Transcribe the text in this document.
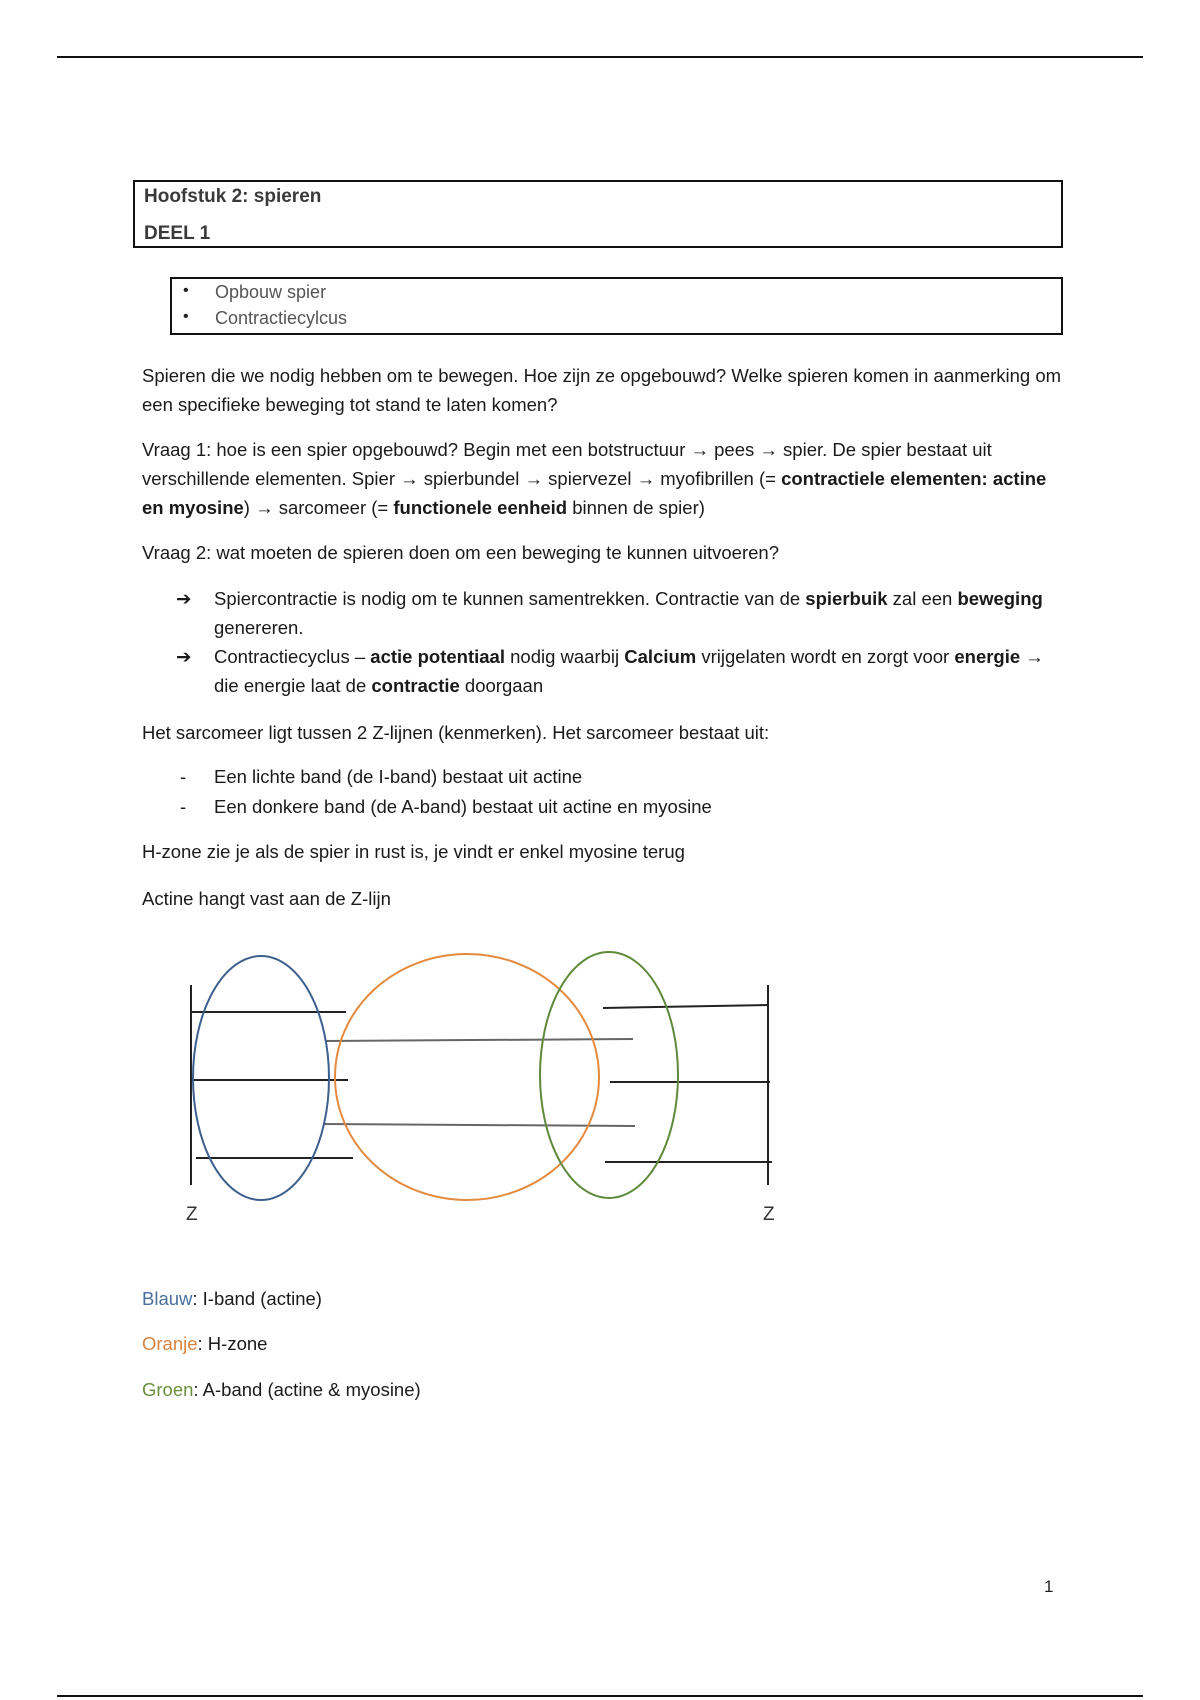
Hoofstuk 2: spieren
DEEL 1
• Opbouw spier
• Contractiecylcus

Spieren die we nodig hebben om te bewegen. Hoe zijn ze opgebouwd? Welke spieren komen in aanmerking om een specifieke beweging tot stand te laten komen?

Vraag 1: hoe is een spier opgebouwd? Begin met een botstructuur → pees → spier. De spier bestaat uit verschillende elementen. Spier → spierbundel → spiervezel → myofibrillen (= contractiele elementen: actine en myosine) → sarcomeer (= functionele eenheid binnen de spier)

Vraag 2: wat moeten de spieren doen om een beweging te kunnen uitvoeren?

➔ Spiercontractie is nodig om te kunnen samentrekken. Contractie van de spierbuik zal een beweging genereren.
➔ Contractiecyclus – actie potentiaal nodig waarbij Calcium vrijgelaten wordt en zorgt voor energie → die energie laat de contractie doorgaan

Het sarcomeer ligt tussen 2 Z-lijnen (kenmerken). Het sarcomeer bestaat uit:

- Een lichte band (de I-band) bestaat uit actine
- Een donkere band (de A-band) bestaat uit actine en myosine

H-zone zie je als de spier in rust is, je vindt er enkel myosine terug

Actine hangt vast aan de Z-lijn

Z	Z
Blauw: I-band (actine)
Oranje: H-zone
Groen: A-band (actine & myosine)
1
